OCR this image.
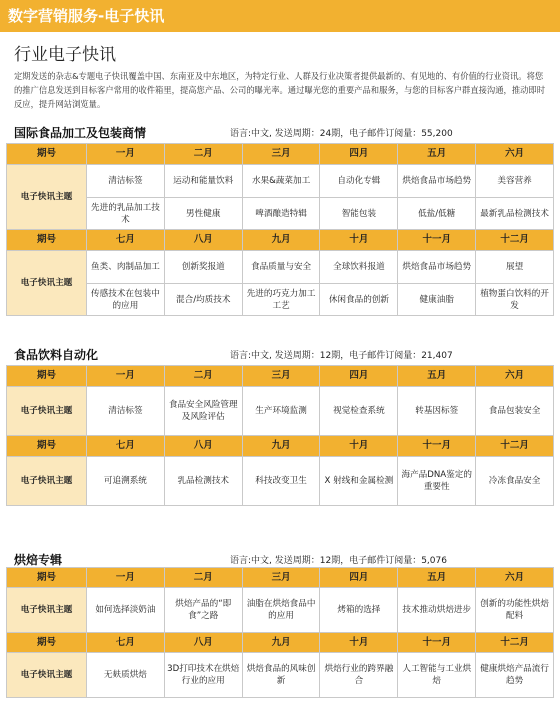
数字营销服务-电子快讯
行业电子快讯
定期发送的杂志&专题电子快讯覆盖中国、东南亚及中东地区，为特定行业、人群及行业决策者提供最新的、有见地的、有价值的行业资讯。将您的推广信息发送到目标客户常用的收件箱里，提高您产品、公司的曝光率。通过曝光您的重要产品和服务，与您的目标客户群直接沟通，推动即时反应，提升网站浏览量。
国际食品加工及包装商情	语言:中文, 发送周期：24期，电子邮件订阅量：55,200
期号	一月	二月	三月	四月	五月	六月
电子快讯主题	清洁标签	运动和能量饮料	水果&蔬菜加工	自动化专辑	烘焙食品市场趋势	美容营养
	先进的乳品加工技术	男性健康	啤酒酿造特辑	智能包装	低盐/低糖	最新乳品检测技术
期号	七月	八月	九月	十月	十一月	十二月
电子快讯主题	鱼类、肉制品加工	创新奖报道	食品质量与安全	全球饮料报道	烘焙食品市场趋势	展望
	传感技术在包装中的应用	混合/均质技术	先进的巧克力加工工艺	休闲食品的创新	健康油脂	植物蛋白饮料的开发
食品饮料自动化	语言:中文, 发送周期：12期，电子邮件订阅量：21,407
期号	一月	二月	三月	四月	五月	六月
电子快讯主题	清洁标签	食品安全风险管理及风险评估	生产环境监测	视觉检查系统	转基因标签	食品包装安全
期号	七月	八月	九月	十月	十一月	十二月
电子快讯主题	可追溯系统	乳品检测技术	科技改变卫生	X 射线和金属检测	海产品DNA鉴定的重要性	冷冻食品安全
烘焙专辑	语言:中文, 发送周期：12期，电子邮件订阅量：5,076
期号	一月	二月	三月	四月	五月	六月
电子快讯主题	如何选择淡奶油	烘焙产品的“即食”之路	油脂在烘焙食品中的应用	烤箱的选择	技术推动烘焙进步	创新的功能性烘焙配料
期号	七月	八月	九月	十月	十一月	十二月
电子快讯主题	无麸质烘焙	3D打印技术在烘焙行业的应用	烘焙食品的风味创新	烘焙行业的跨界融合	人工智能与工业烘焙	健康烘焙产品流行趋势
